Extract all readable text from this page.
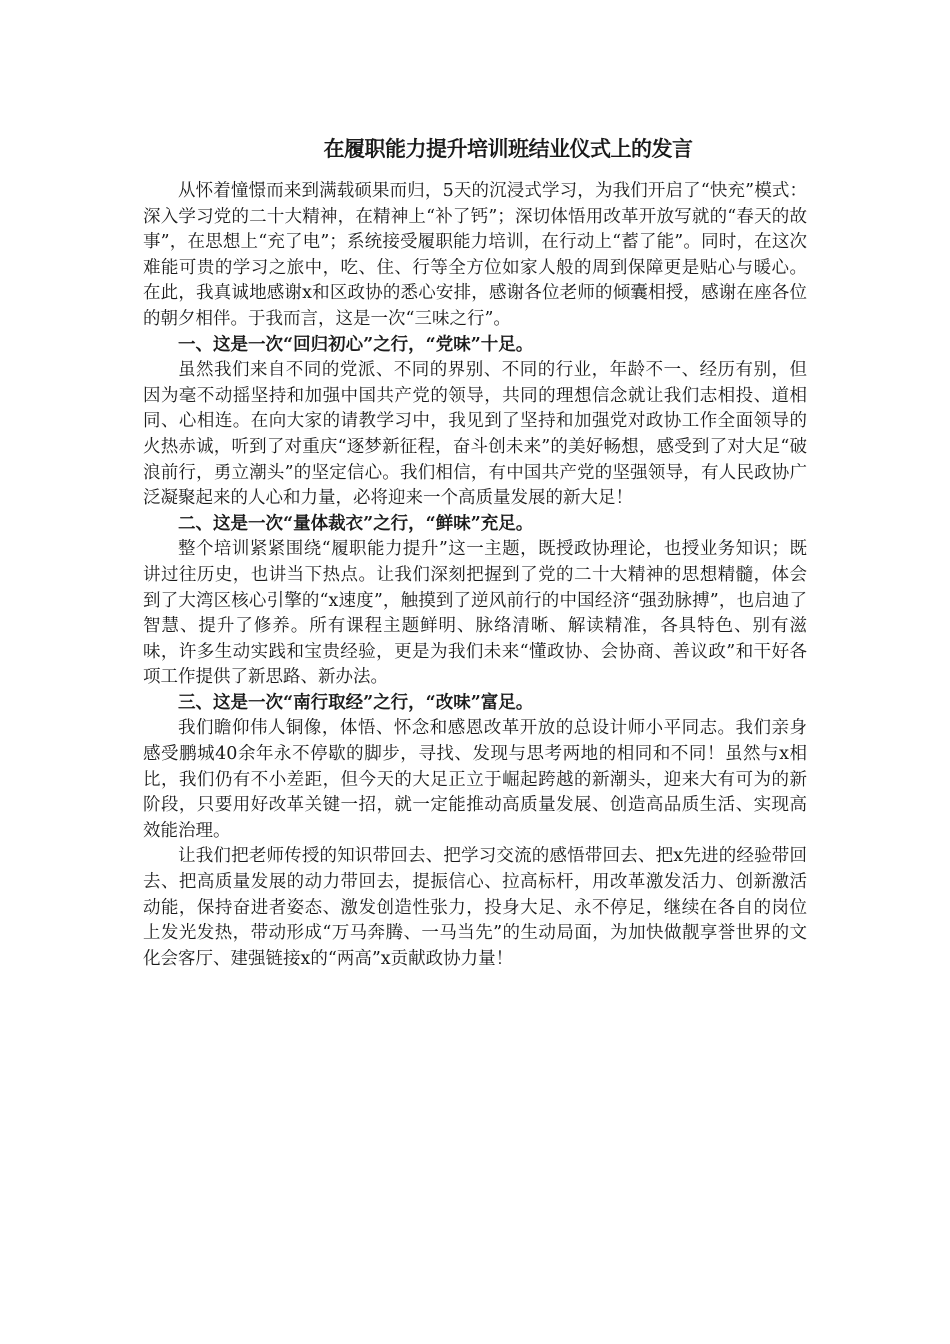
在履职能力提升培训班结业仪式上的发言

从怀着憧憬而来到满载硕果而归，5天的沉浸式学习，为我们开启了“快充”模式：深入学习党的二十大精神，在精神上“补了钙”；深切体悟用改革开放写就的“春天的故事”，在思想上“充了电”；系统接受履职能力培训，在行动上“蓄了能”。同时，在这次难能可贵的学习之旅中，吃、住、行等全方位如家人般的周到保障更是贴心与暖心。在此，我真诚地感谢x和区政协的悉心安排，感谢各位老师的倾囊相授，感谢在座各位的朝夕相伴。于我而言，这是一次“三味之行”。

一、这是一次“回归初心”之行，“党味”十足。

虽然我们来自不同的党派、不同的界别、不同的行业，年龄不一、经历有别，但因为毫不动摇坚持和加强中国共产党的领导，共同的理想信念就让我们志相投、道相同、心相连。在向大家的请教学习中，我见到了坚持和加强党对政协工作全面领导的火热赤诚，听到了对重庆“逐梦新征程，奋斗创未来”的美好畅想，感受到了对大足“破浪前行，勇立潮头”的坚定信心。我们相信，有中国共产党的坚强领导，有人民政协广泛凝聚起来的人心和力量，必将迎来一个高质量发展的新大足！

二、这是一次“量体裁衣”之行，“鲜味”充足。

整个培训紧紧围绕“履职能力提升”这一主题，既授政协理论，也授业务知识；既讲过往历史，也讲当下热点。让我们深刻把握到了党的二十大精神的思想精髓，体会到了大湾区核心引擎的“x速度”，触摸到了逆风前行的中国经济“强劲脉搏”，也启迪了智慧、提升了修养。所有课程主题鲜明、脉络清晰、解读精准，各具特色、别有滋味，许多生动实践和宝贵经验，更是为我们未来“懂政协、会协商、善议政”和干好各项工作提供了新思路、新办法。

三、这是一次“南行取经”之行，“改味”富足。

我们瞻仰伟人铜像，体悟、怀念和感恩改革开放的总设计师小平同志。我们亲身感受鹏城40余年永不停歇的脚步，寻找、发现与思考两地的相同和不同！虽然与x相比，我们仍有不小差距，但今天的大足正立于崛起跨越的新潮头，迎来大有可为的新阶段，只要用好改革关键一招，就一定能推动高质量发展、创造高品质生活、实现高效能治理。

让我们把老师传授的知识带回去、把学习交流的感悟带回去、把x先进的经验带回去、把高质量发展的动力带回去，提振信心、拉高标杆，用改革激发活力、创新激活动能，保持奋进者姿态、激发创造性张力，投身大足、永不停足，继续在各自的岗位上发光发热，带动形成“万马奔腾、一马当先”的生动局面，为加快做靓享誉世界的文化会客厅、建强链接x的“两高”x贡献政协力量！
